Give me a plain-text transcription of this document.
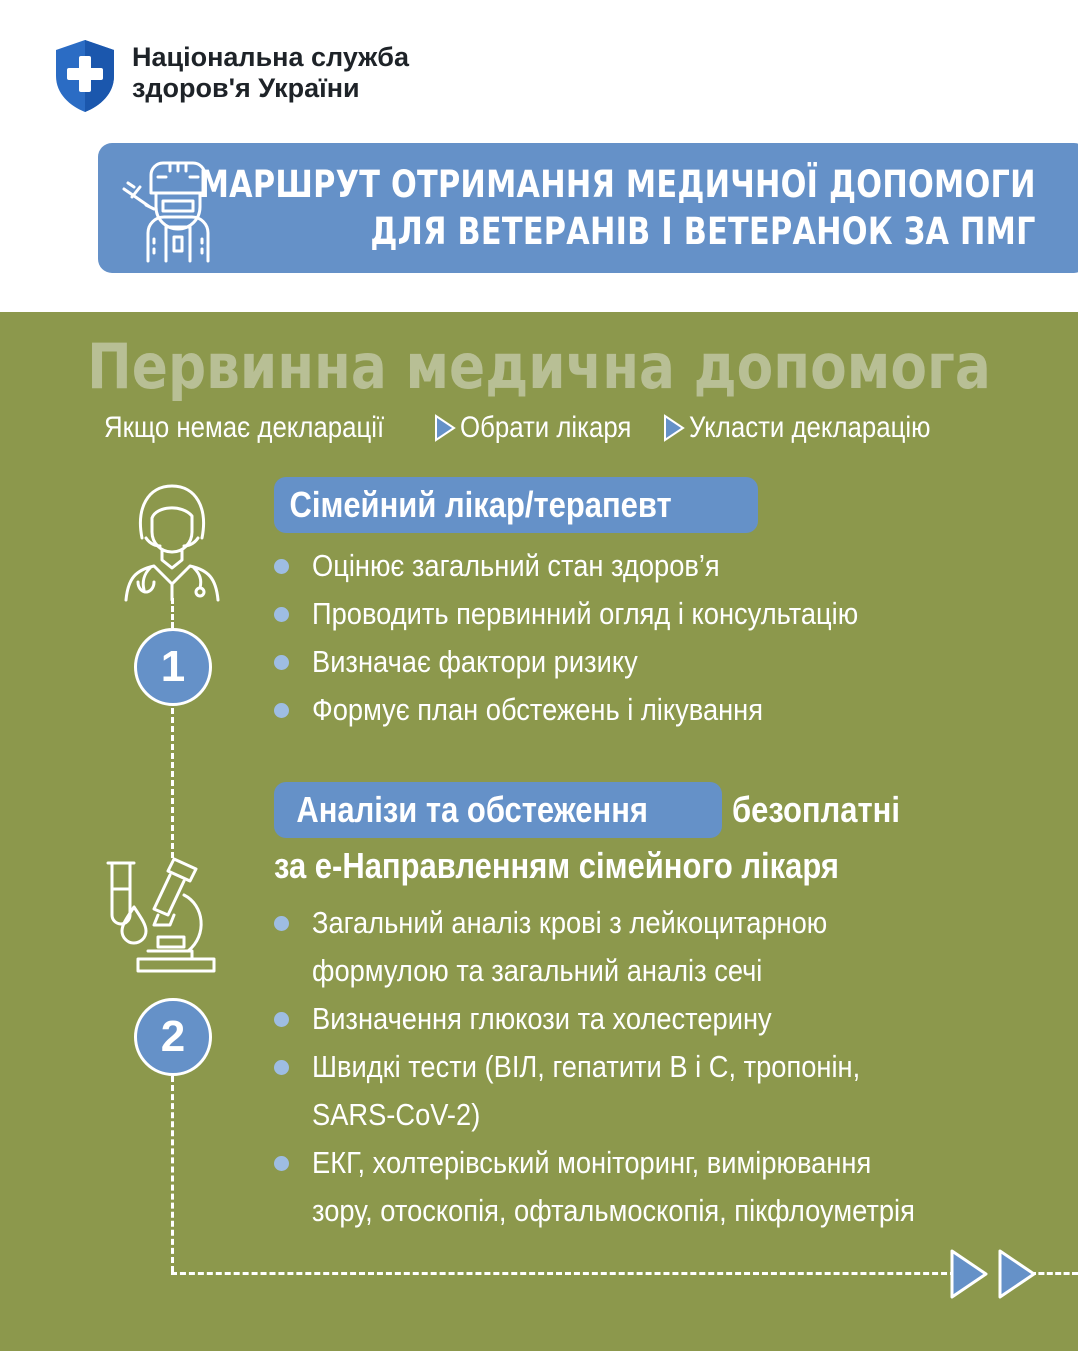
Національна служба
здоров'я України
МАРШРУТ ОТРИМАННЯ МЕДИЧНОЇ ДОПОМОГИ
ДЛЯ ВЕТЕРАНІВ І ВЕТЕРАНОК ЗА ПМГ
Первинна медична допомога
Якщо немає декларації	Обрати лікаря Укласти декларацію
1
Сімейний лікар/терапевт
Оцінює загальний стан здоров’я
Проводить первинний огляд і консультацію
Визначає фактори ризику
Формує план обстежень і лікування
2
Аналізи та обстеження	безоплатні
за е-Направленням сімейного лікаря
Загальний аналіз крові з лейкоцитарною
формулою та загальний аналіз сечі
Визначення глюкози та холестерину
Швидкі тести (ВІЛ, гепатити В і С, тропонін,
SARS-CoV-2)
ЕКГ, холтерівський моніторинг, вимірювання
зору, отоскопія, офтальмоскопія, пікфлоуметрія
